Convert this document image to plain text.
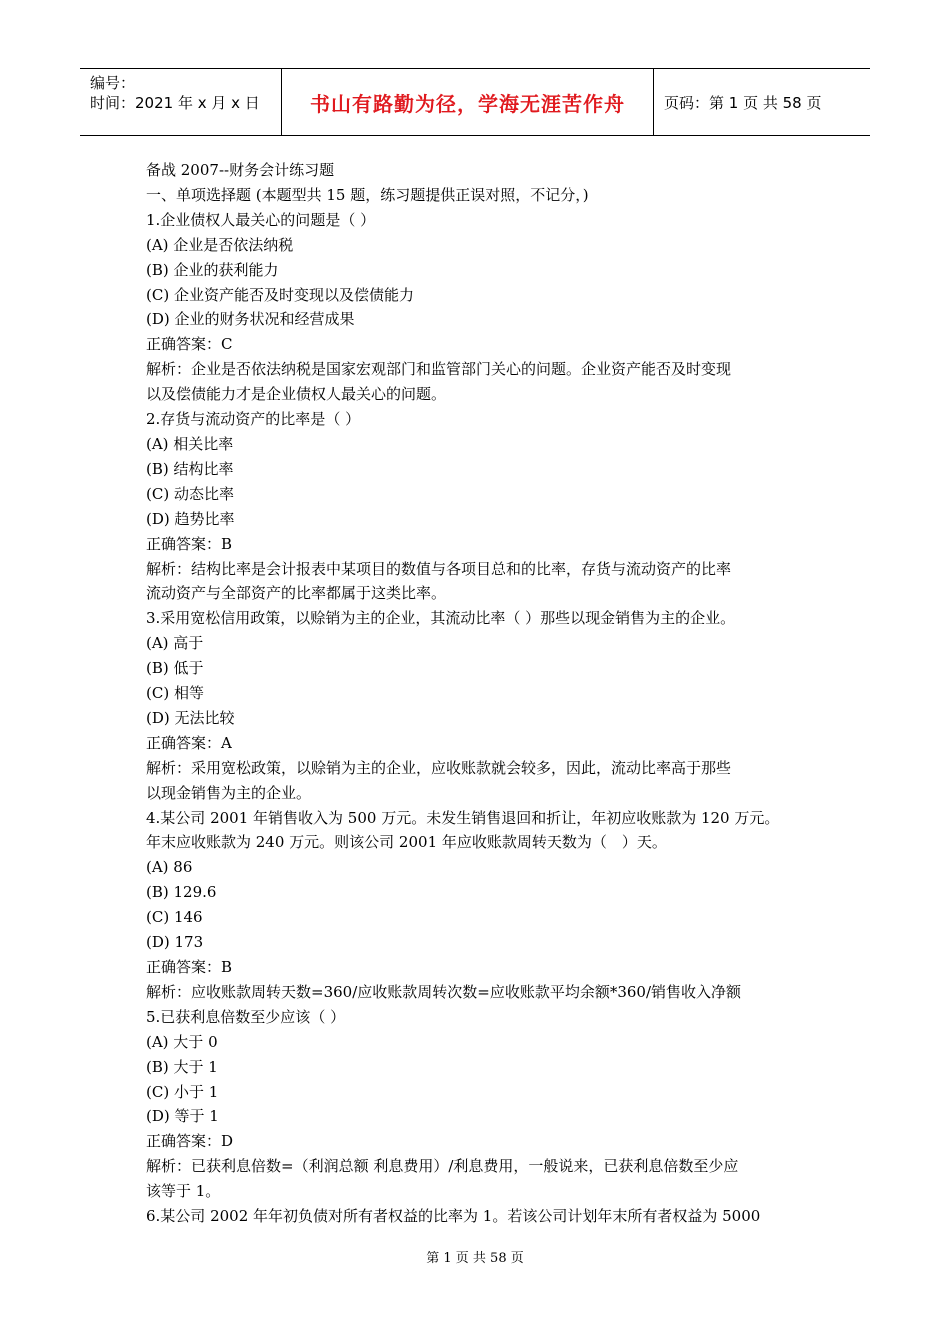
编号：
时间：2021 年 x 月 x 日	书山有路勤为径，学海无涯苦作舟	页码：第 1 页 共 58 页
备战 2007--财务会计练习题
一、单项选择题 (本题型共 15 题，练习题提供正误对照，不记分，)
1.企业债权人最关心的问题是（ ）
(A) 企业是否依法纳税
(B) 企业的获利能力
(C) 企业资产能否及时变现以及偿债能力
(D) 企业的财务状况和经营成果
正确答案：C
解析：企业是否依法纳税是国家宏观部门和监管部门关心的问题。企业资产能否及时变现
以及偿债能力才是企业债权人最关心的问题。
2.存货与流动资产的比率是（ ）
(A) 相关比率
(B) 结构比率
(C) 动态比率
(D) 趋势比率
正确答案：B
解析：结构比率是会计报表中某项目的数值与各项目总和的比率，存货与流动资产的比率
流动资产与全部资产的比率都属于这类比率。
3.采用宽松信用政策，以赊销为主的企业，其流动比率（ ）那些以现金销售为主的企业。
(A) 高于
(B) 低于
(C) 相等
(D) 无法比较
正确答案：A
解析：采用宽松政策，以赊销为主的企业，应收账款就会较多，因此，流动比率高于那些
以现金销售为主的企业。
4.某公司 2001 年销售收入为 500 万元。未发生销售退回和折让，年初应收账款为 120 万元。
年末应收账款为 240 万元。则该公司 2001 年应收账款周转天数为（　）天。
(A) 86
(B) 129.6
(C) 146
(D) 173
正确答案：B
解析：应收账款周转天数=360/应收账款周转次数=应收账款平均余额*360/销售收入净额
5.已获利息倍数至少应该（ ）
(A) 大于 0
(B) 大于 1
(C) 小于 1
(D) 等于 1
正确答案：D
解析：已获利息倍数=（利润总额 利息费用）/利息费用，一般说来，已获利息倍数至少应
该等于 1。
6.某公司 2002 年年初负债对所有者权益的比率为 1。若该公司计划年末所有者权益为 5000
第 1 页 共 58 页
